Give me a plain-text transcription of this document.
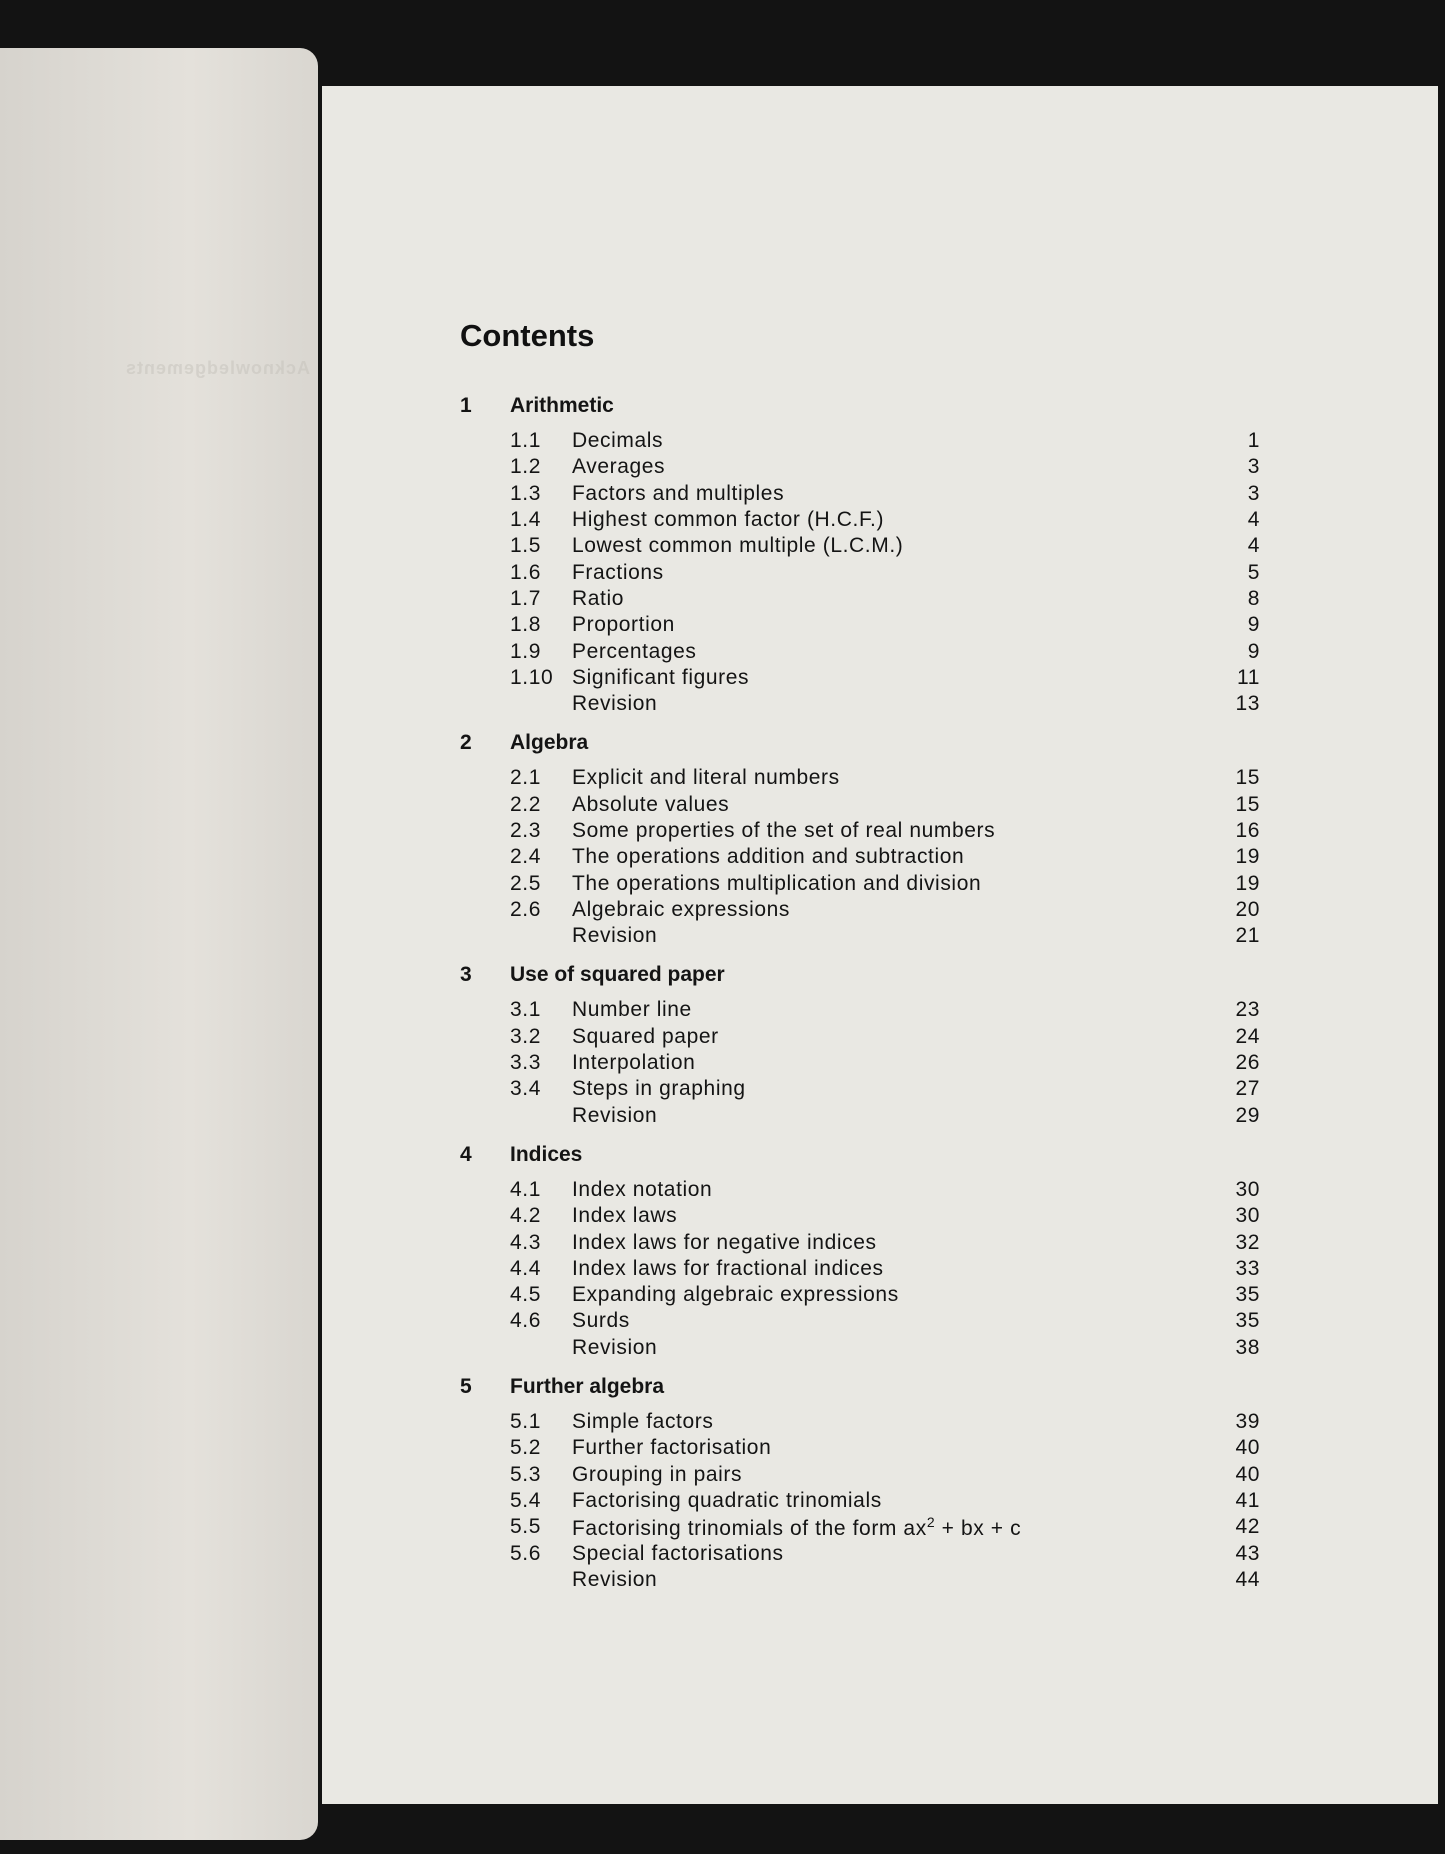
Acknowledgements
Contents
1	Arithmetic
1.1	Decimals	1
1.2	Averages	3
1.3	Factors and multiples	3
1.4	Highest common factor (H.C.F.)	4
1.5	Lowest common multiple (L.C.M.)	4
1.6	Fractions	5
1.7	Ratio	8
1.8	Proportion	9
1.9	Percentages	9
1.10 Significant figures	11
Revision	13
2	Algebra
2.1	Explicit and literal numbers	15
2.2	Absolute values	15
2.3	Some properties of the set of real numbers	16
2.4	The operations addition and subtraction	19
2.5	The operations multiplication and division	19
2.6	Algebraic expressions	20
Revision	21
3	Use of squared paper
3.1	Number line	23
3.2	Squared paper	24
3.3	Interpolation	26
3.4	Steps in graphing	27
Revision	29
4	Indices
4.1	Index notation	30
4.2	Index laws	30
4.3	Index laws for negative indices	32
4.4	Index laws for fractional indices	33
4.5	Expanding algebraic expressions	35
4.6	Surds	35
Revision	38
5	Further algebra
5.1	Simple factors	39
5.2	Further factorisation	40
5.3	Grouping in pairs	40
5.4	Factorising quadratic trinomials	41
5.5	Factorising trinomials of the form $ax^2$ + bx + c	42
5.6	Special factorisations	43
Revision	44
